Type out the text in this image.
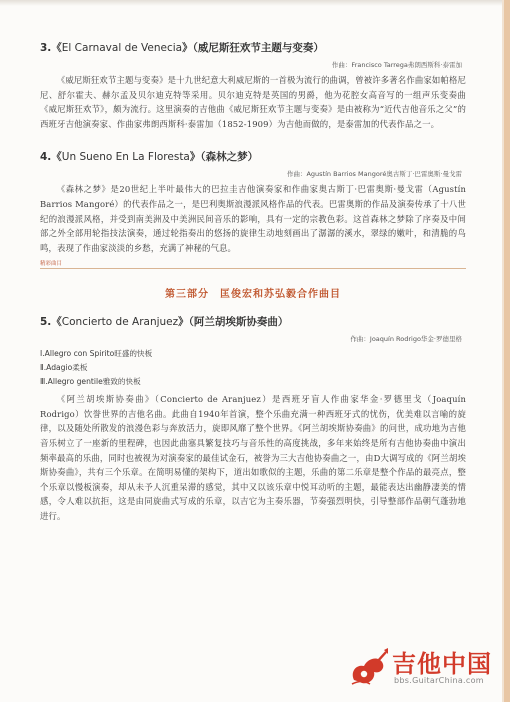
3.《El Carnaval de Venecia》（威尼斯狂欢节主题与变奏）
作曲：Francisco Tarrega弗朗西斯科·泰雷加

《威尼斯狂欢节主题与变奏》是十九世纪意大利威尼斯的一首极为流行的曲调，曾被许多著名作曲家如帕格尼尼、舒尔霍夫、赫尔孟及贝尔迪克特等采用。贝尔迪克特是英国的男爵，他为花腔女高音写的一组声乐变奏曲《威尼斯狂欢节》，颇为流行。这里演奏的吉他曲《威尼斯狂欢节主题与变奏》是由被称为“近代吉他音乐之父”的西班牙吉他演奏家、作曲家弗朗西斯科·泰雷加（1852-1909）为吉他而做的，是泰雷加的代表作品之一。

4.《Un Sueno En La Floresta》（森林之梦）
作曲：Agustín Barrios Mangoré奥古斯丁·巴雷奥斯·曼戈雷

《森林之梦》是20世纪上半叶最伟大的巴拉圭吉他演奏家和作曲家奥古斯丁·巴雷奥斯·曼戈雷（Agustín Barrios Mangoré）的代表作品之一，是巴利奥斯浪漫派风格作品的代表。巴雷奥斯的作品及演奏传承了十八世纪的浪漫派风格，并受到南美洲及中美洲民间音乐的影响，具有一定的宗教色彩。这首森林之梦除了序奏及中间部之外全部用轮指技法演奏，通过轮指奏出的悠扬的旋律生动地刻画出了潺潺的溪水，翠绿的嫩叶，和清脆的鸟鸣，表现了作曲家淡淡的乡愁，充满了神秘的气息。

精彩曲目
第三部分　匡俊宏和苏弘毅合作曲目
5.《Concierto de Aranjuez》（阿兰胡埃斯协奏曲）
作曲：Joaquín Rodrigo华金·罗德里格
Ⅰ.Allegro con Spirito旺盛的快板
Ⅱ.Adagio柔板
Ⅲ.Allegro gentile雅致的快板

《阿兰胡埃斯协奏曲》（Concierto de Aranjuez）是西班牙盲人作曲家华金·罗德里戈（Joaquín Rodrigo）饮誉世界的吉他名曲。此曲自1940年首演，整个乐曲充满一种西班牙式的忧伤，优美难以言喻的旋律，以及随处所散发的浪漫色彩与奔放活力，旋即风靡了整个世界。《阿兰胡埃斯协奏曲》的问世，成功地为吉他音乐树立了一座新的里程碑，也因此曲塞具繁复技巧与音乐性的高度挑战，多年来始终是所有吉他协奏曲中演出频率最高的乐曲，同时也被视为对演奏家的最佳试金石，被誉为三大吉他协奏曲之一，由D大调写成的《阿兰胡埃斯协奏曲》，共有三个乐章。在简明易懂的架构下，道出如歌似的主题，乐曲的第二乐章是整个作品的最亮点，整个乐章以慢板演奏，却从未予人沉重呆滞的感觉，其中又以该乐章中悦耳动听的主题，最能表达出幽静凄美的情感，令人难以抗拒，这是由同旋曲式写成的乐章，以吉它为主奏乐器，节奏强烈明快，引导整部作品朝气蓬勃地进行。

吉他中国
bbs.GuitarChina.com
